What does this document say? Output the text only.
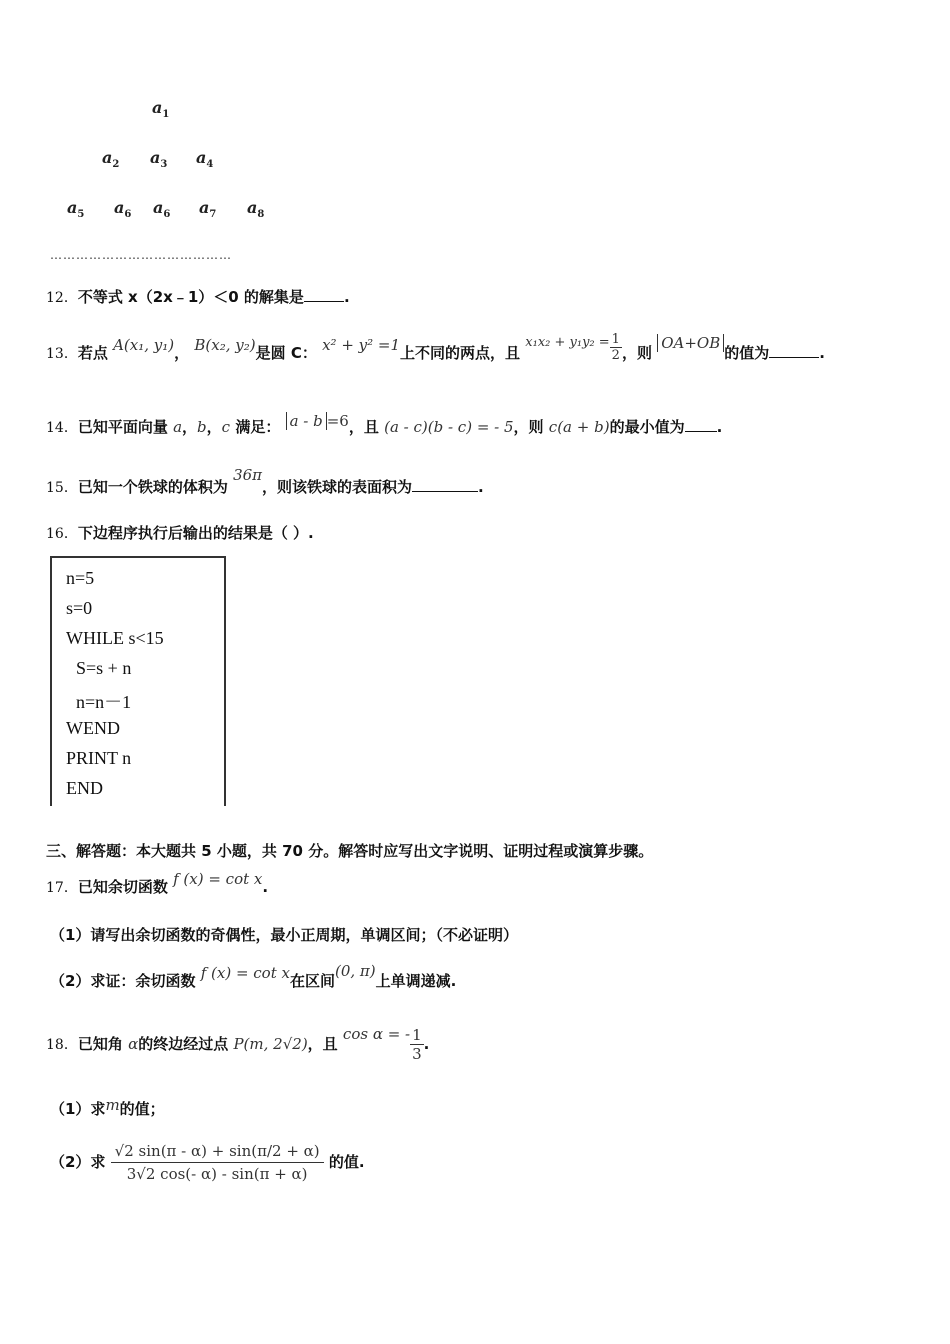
$a_1$
$a_2$ $a_3$ $a_4$
$a_5$ $a_6$ $a_6$ $a_7$ $a_8$
……………………………………
12．不等式 x（2x﹣1）＜0 的解集是	.
13．若点 A(x₁, y₁)， B(x₂, y₂)是圆 C： x² + y² =1上不同的两点，且 $x_1x_2 + y_1y_2 = \frac{1}{2}$ ，则 OA+OB的值为	.
14．已知平面向量 a，b，c 满足： a - b =6，且 (a - c)(b - c) = - 5，则 c(a + b)的最小值为 .
15．已知一个铁球的体积为 36π，则该铁球的表面积为	.
16．下边程序执行后输出的结果是（ ）.
n=5
s=0
WHILE s<15
S=s + n
n=n－1
WEND
PRINT n
END
三、解答题：本大题共 5 小题，共 70 分。解答时应写出文字说明、证明过程或演算步骤。
17．已知余切函数 f (x) = cot x.
（1）请写出余切函数的奇偶性，最小正周期，单调区间；（不必证明）
（2）求证：余切函数 f (x) = cot x在区间(0, π)上单调递减.
18．已知角 α的终边经过点 P(m, 2√2)，且 cos α = - $\frac{1}{3}$ .
（1）求m的值；
（2）求 $\frac{√2 \sin(\pi - \alpha) + \sin(\pi/2 + \alpha)}{3√2 \cos(- \alpha) - \sin(\pi + \alpha)}$ 的值.
